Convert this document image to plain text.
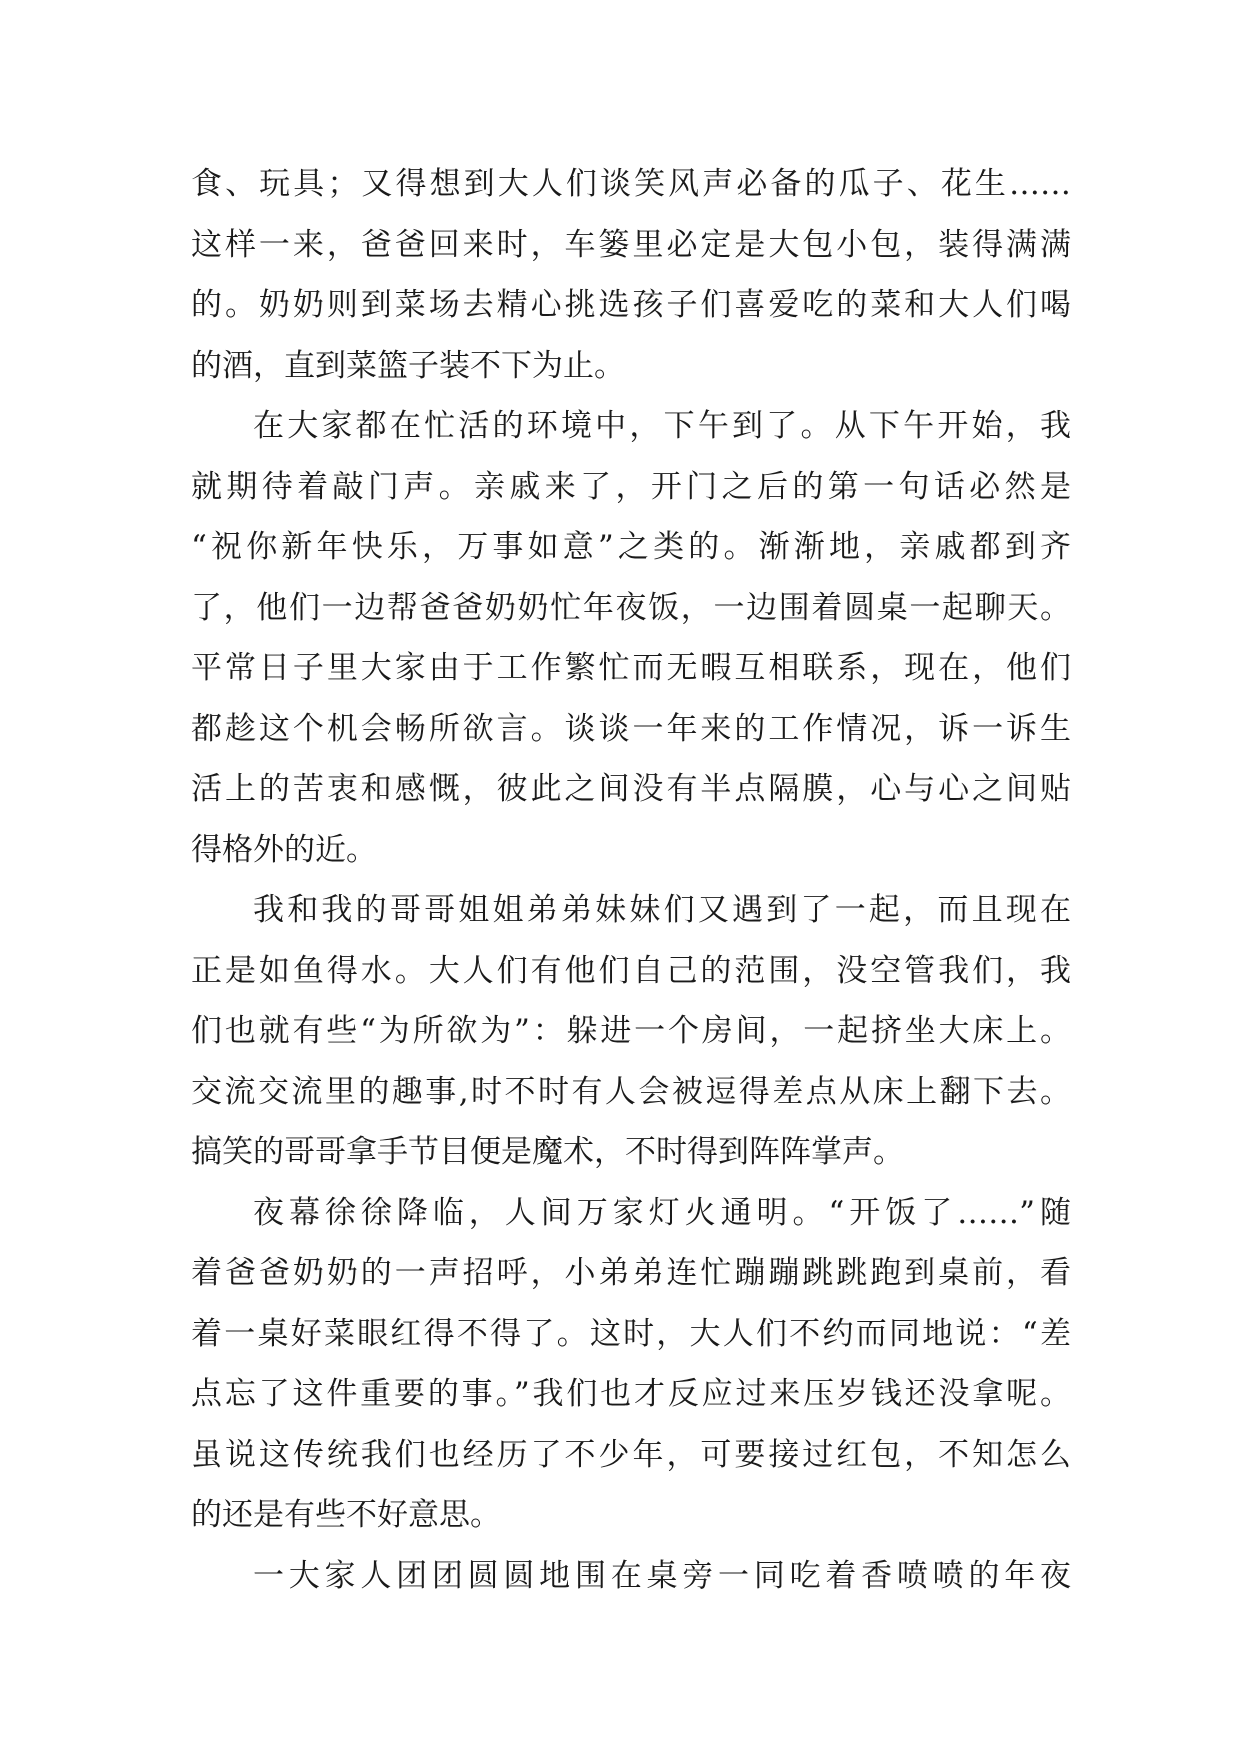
食、玩具；又得想到大人们谈笑风声必备的瓜子、花生……
这样一来，爸爸回来时，车篓里必定是大包小包，装得满满
的。奶奶则到菜场去精心挑选孩子们喜爱吃的菜和大人们喝
的酒，直到菜篮子装不下为止。
在大家都在忙活的环境中，下午到了。从下午开始，我
就期待着敲门声。亲戚来了，开门之后的第一句话必然是
“祝你新年快乐，万事如意”之类的。渐渐地，亲戚都到齐
了，他们一边帮爸爸奶奶忙年夜饭，一边围着圆桌一起聊天。
平常日子里大家由于工作繁忙而无暇互相联系，现在，他们
都趁这个机会畅所欲言。谈谈一年来的工作情况，诉一诉生
活上的苦衷和感慨，彼此之间没有半点隔膜，心与心之间贴
得格外的近。
我和我的哥哥姐姐弟弟妹妹们又遇到了一起，而且现在
正是如鱼得水。大人们有他们自己的范围，没空管我们，我
们也就有些“为所欲为”：躲进一个房间，一起挤坐大床上。
交流交流里的趣事,时不时有人会被逗得差点从床上翻下去。
搞笑的哥哥拿手节目便是魔术，不时得到阵阵掌声。
夜幕徐徐降临，人间万家灯火通明。“开饭了……”随
着爸爸奶奶的一声招呼，小弟弟连忙蹦蹦跳跳跑到桌前，看
着一桌好菜眼红得不得了。这时，大人们不约而同地说：“差
点忘了这件重要的事。”我们也才反应过来压岁钱还没拿呢。
虽说这传统我们也经历了不少年，可要接过红包，不知怎么
的还是有些不好意思。
一大家人团团圆圆地围在桌旁一同吃着香喷喷的年夜
